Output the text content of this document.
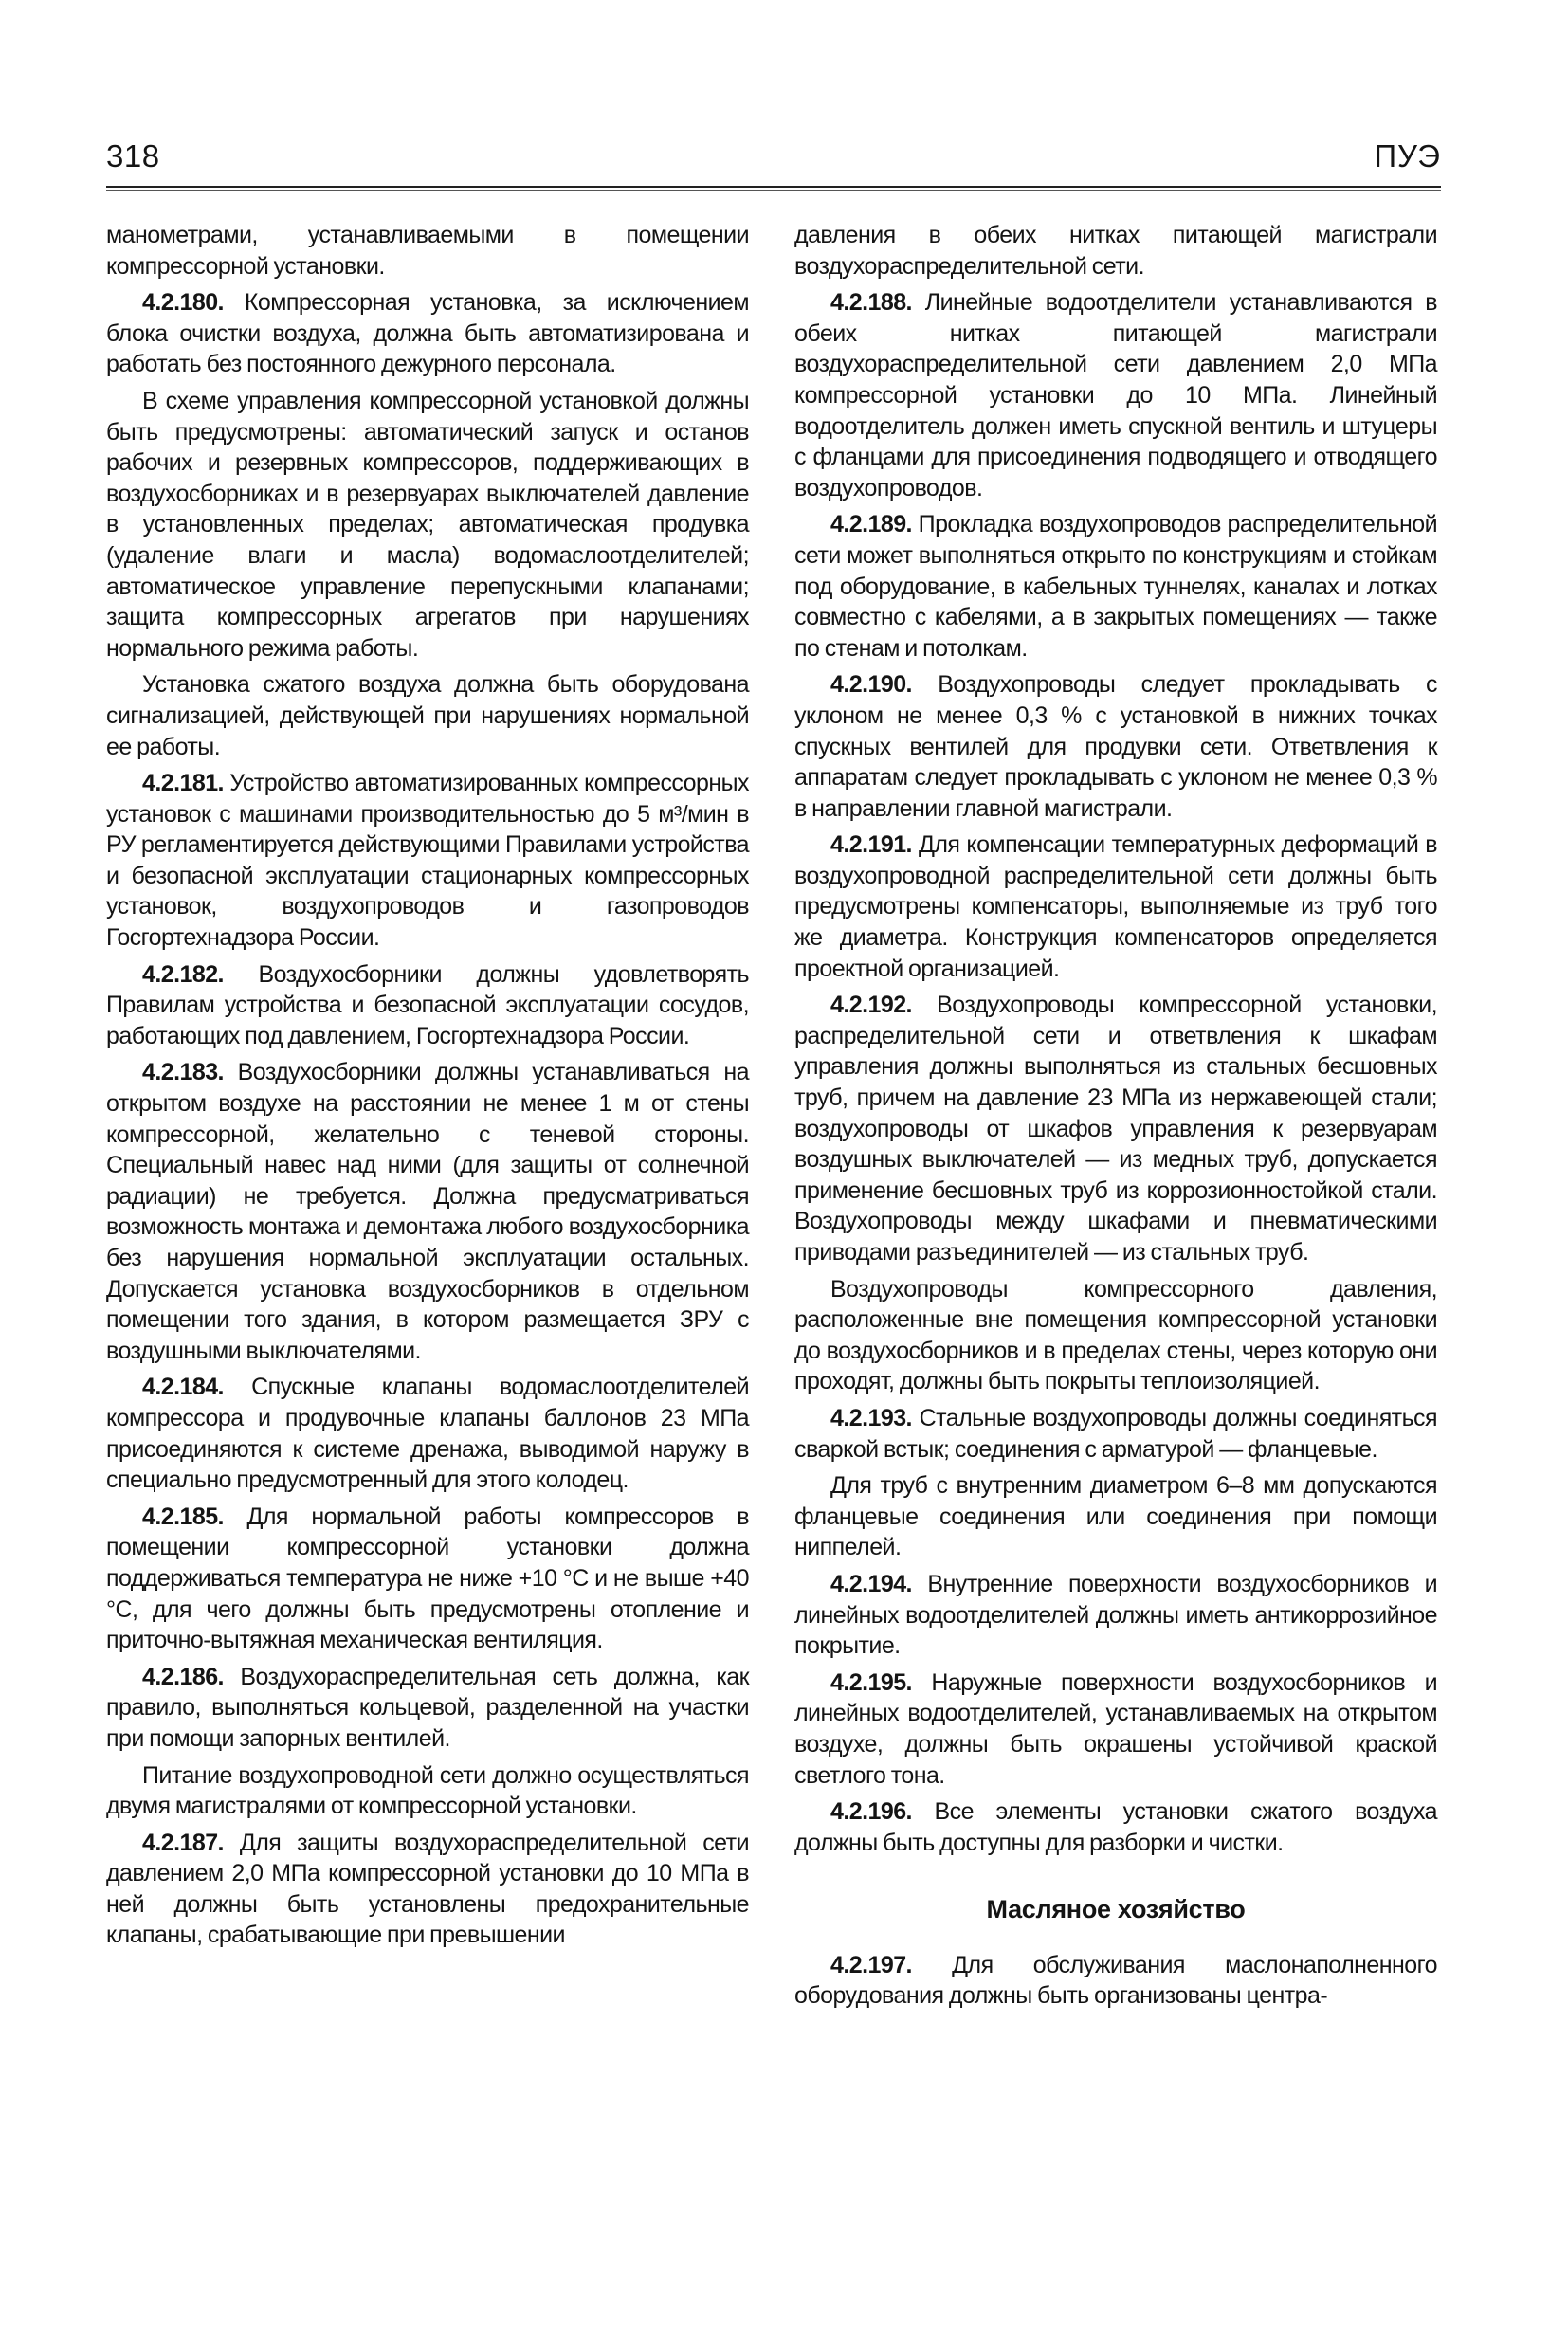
318	ПУЭ

манометрами, устанавливаемыми в помещении компрессорной установки.

4.2.180. Компрессорная установка, за исключением блока очистки воздуха, должна быть автоматизирована и работать без постоянного дежурного персонала.

В схеме управления компрессорной установкой должны быть предусмотрены: автоматический запуск и останов рабочих и резервных компрессоров, поддерживающих в воздухосборниках и в резервуарах выключателей давление в установленных пределах; автоматическая продувка (удаление влаги и масла) водомаслоотделителей; автоматическое управление перепускными клапанами; защита компрессорных агрегатов при нарушениях нормального режима работы.

Установка сжатого воздуха должна быть оборудована сигнализацией, действующей при нарушениях нормальной ее работы.

4.2.181. Устройство автоматизированных компрессорных установок с машинами производительностью до 5 м³/мин в РУ регламентируется действующими Правилами устройства и безопасной эксплуатации стационарных компрессорных установок, воздухопроводов и газопроводов Госгортехнадзора России.

4.2.182. Воздухосборники должны удовлетворять Правилам устройства и безопасной эксплуатации сосудов, работающих под давлением, Госгортехнадзора России.

4.2.183. Воздухосборники должны устанавливаться на открытом воздухе на расстоянии не менее 1 м от стены компрессорной, желательно с теневой стороны. Специальный навес над ними (для защиты от солнечной радиации) не требуется. Должна предусматриваться возможность монтажа и демонтажа любого воздухосборника без нарушения нормальной эксплуатации остальных. Допускается установка воздухосборников в отдельном помещении того здания, в котором размещается ЗРУ с воздушными выключателями.

4.2.184. Спускные клапаны водомаслоотделителей компрессора и продувочные клапаны баллонов 23 МПа присоединяются к системе дренажа, выводимой наружу в специально предусмотренный для этого колодец.

4.2.185. Для нормальной работы компрессоров в помещении компрессорной установки должна поддерживаться температура не ниже +10 °С и не выше +40 °С, для чего должны быть предусмотрены отопление и приточно-вытяжная механическая вентиляция.

4.2.186. Воздухораспределительная сеть должна, как правило, выполняться кольцевой, разделенной на участки при помощи запорных вентилей.

Питание воздухопроводной сети должно осуществляться двумя магистралями от компрессорной установки.

4.2.187. Для защиты воздухораспределительной сети давлением 2,0 МПа компрессорной установки до 10 МПа в ней должны быть установлены предохранительные клапаны, срабатывающие при превышении

давления в обеих нитках питающей магистрали воздухораспределительной сети.

4.2.188. Линейные водоотделители устанавливаются в обеих нитках питающей магистрали воздухораспределительной сети давлением 2,0 МПа компрессорной установки до 10 МПа. Линейный водоотделитель должен иметь спускной вентиль и штуцеры с фланцами для присоединения подводящего и отводящего воздухопроводов.

4.2.189. Прокладка воздухопроводов распределительной сети может выполняться открыто по конструкциям и стойкам под оборудование, в кабельных туннелях, каналах и лотках совместно с кабелями, а в закрытых помещениях — также по стенам и потолкам.

4.2.190. Воздухопроводы следует прокладывать с уклоном не менее 0,3 % с установкой в нижних точках спускных вентилей для продувки сети. Ответвления к аппаратам следует прокладывать с уклоном не менее 0,3 % в направлении главной магистрали.

4.2.191. Для компенсации температурных деформаций в воздухопроводной распределительной сети должны быть предусмотрены компенсаторы, выполняемые из труб того же диаметра. Конструкция компенсаторов определяется проектной организацией.

4.2.192. Воздухопроводы компрессорной установки, распределительной сети и ответвления к шкафам управления должны выполняться из стальных бесшовных труб, причем на давление 23 МПа из нержавеющей стали; воздухопроводы от шкафов управления к резервуарам воздушных выключателей — из медных труб, допускается применение бесшовных труб из коррозионностойкой стали. Воздухопроводы между шкафами и пневматическими приводами разъединителей — из стальных труб.

Воздухопроводы компрессорного давления, расположенные вне помещения компрессорной установки до воздухосборников и в пределах стены, через которую они проходят, должны быть покрыты теплоизоляцией.

4.2.193. Стальные воздухопроводы должны соединяться сваркой встык; соединения с арматурой — фланцевые.

Для труб с внутренним диаметром 6–8 мм допускаются фланцевые соединения или соединения при помощи ниппелей.

4.2.194. Внутренние поверхности воздухосборников и линейных водоотделителей должны иметь антикоррозийное покрытие.

4.2.195. Наружные поверхности воздухосборников и линейных водоотделителей, устанавливаемых на открытом воздухе, должны быть окрашены устойчивой краской светлого тона.

4.2.196. Все элементы установки сжатого воздуха должны быть доступны для разборки и чистки.

Масляное хозяйство

4.2.197. Для обслуживания маслонаполненного оборудования должны быть организованы центра-
